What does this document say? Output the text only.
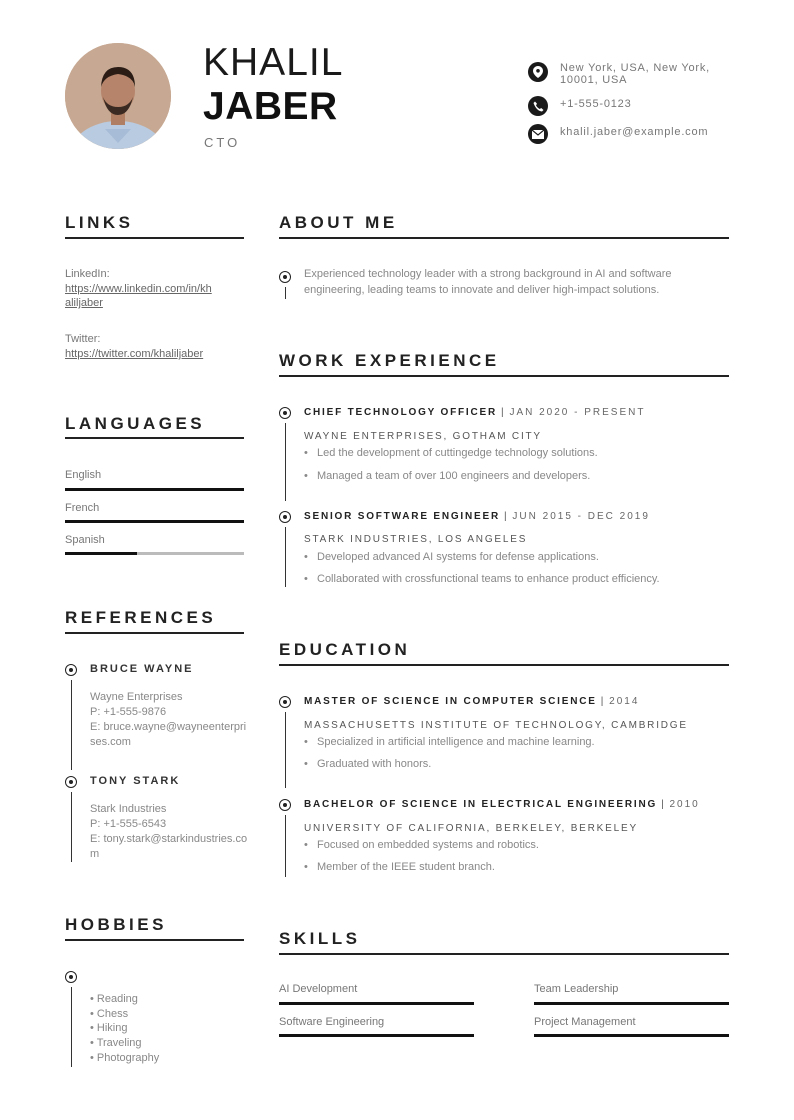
KHALIL
JABER
CTO
New York, USA, New York, 10001, USA
+1-555-0123
khalil.jaber@example.com
LINKS
LinkedIn:
https://www.linkedin.com/in/kh
aliljaber
Twitter:
https://twitter.com/khaliljaber
LANGUAGES
English
French
Spanish
REFERENCES
BRUCE WAYNE
Wayne Enterprises
P: +1-555-9876
E: bruce.wayne@wayneenterprises.com
TONY STARK
Stark Industries
P: +1-555-6543
E: tony.stark@starkindustries.com
HOBBIES
• Reading
• Chess
• Hiking
• Traveling
• Photography
ABOUT ME
Experienced technology leader with a strong background in AI and software
engineering, leading teams to innovate and deliver high-impact solutions.
WORK EXPERIENCE
CHIEF TECHNOLOGY OFFICER | JAN 2020 - PRESENT
WAYNE ENTERPRISES, GOTHAM CITY
• Led the development of cuttingedge technology solutions.
• Managed a team of over 100 engineers and developers.
SENIOR SOFTWARE ENGINEER | JUN 2015 - DEC 2019
STARK INDUSTRIES, LOS ANGELES
• Developed advanced AI systems for defense applications.
• Collaborated with crossfunctional teams to enhance product efficiency.
EDUCATION
MASTER OF SCIENCE IN COMPUTER SCIENCE | 2014
MASSACHUSETTS INSTITUTE OF TECHNOLOGY, CAMBRIDGE
• Specialized in artificial intelligence and machine learning.
• Graduated with honors.
BACHELOR OF SCIENCE IN ELECTRICAL ENGINEERING | 2010
UNIVERSITY OF CALIFORNIA, BERKELEY, BERKELEY
• Focused on embedded systems and robotics.
• Member of the IEEE student branch.
SKILLS
AI Development	Team Leadership
Software Engineering	Project Management
